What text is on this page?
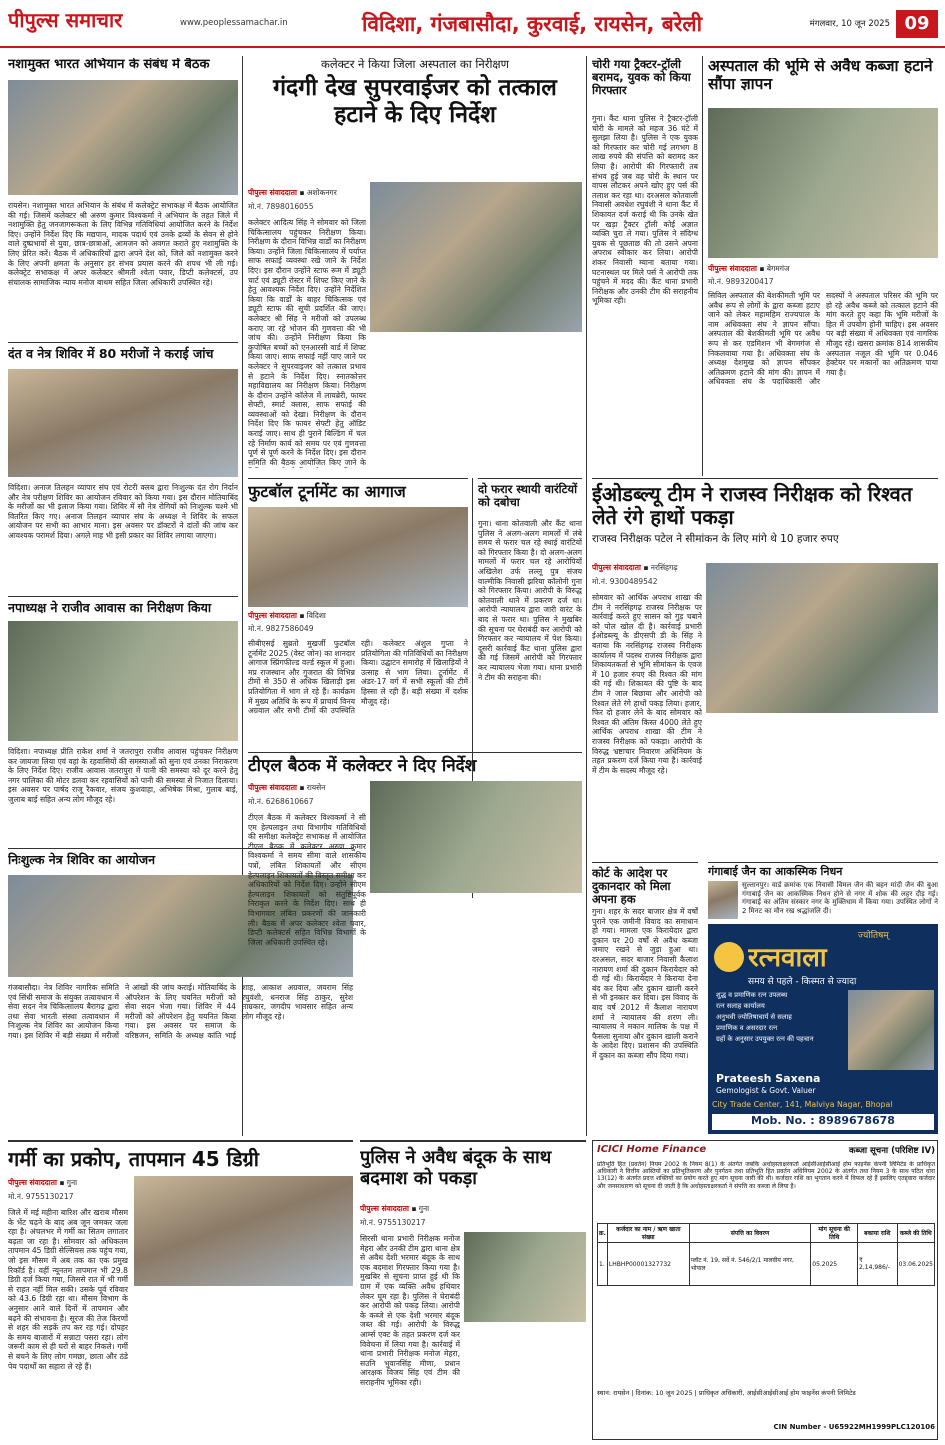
पीपुल्स समाचार	www.peoplessamachar.in	विदिशा, गंजबासौदा, कुरवाई, रायसेन, बरेली	मंगलवार, 10 जून 2025 09
नशामुक्त भारत अभियान के संबंध में बैठक
रायसेन। नशामुक्त भारत अभियान के संबंध में कलेक्ट्रेट सभाकक्ष में बैठक आयोजित की गई। जिसमें कलेक्टर श्री अरुण कुमार विश्वकर्मा ने अभियान के तहत जिले में नशामुक्ति हेतु जनजागरूकता के लिए विभिन्न गतिविधियां आयोजित करने के निर्देश दिए। उन्होंने निर्देश दिए कि मद्यपान, मादक पदार्थ एवं उनके द्रव्यों के सेवन से होने वाले दुष्प्रभावों से युवा, छात्र-छात्राओं, आमजन को अवगत कराते हुए नशामुक्ति के लिए प्रेरित करें। बैठक में अधिकारियों द्वारा अपने देश को, जिले को नशामुक्त करने के लिए अपनी क्षमता के अनुसार हर संभव प्रयास करने की शपथ भी ली गई। कलेक्ट्रेट सभाकक्ष में अपर कलेक्टर श्रीमती श्वेता पवार, डिप्टी कलेक्टर्स, उप संचालक सामाजिक न्याय मनोज बाथम सहित जिला अधिकारी उपस्थित रहे।
दंत व नेत्र शिविर में 80 मरीजों ने कराई जांच
विदिशा। अनाज तिलहन व्यापार संघ एवं रोटरी क्लब द्वारा निःशुल्क दंत रोग निर्दान और नेत्र परीक्षण शिविर का आयोजन रविवार को किया गया। इस दौरान मोतियाबिंद के मरीजों का भी इलाज किया गया। शिविर में सौ नेत्र रोगियों को निःशुल्क चश्मे भी वितरित किए गए। अनाज तिलहन व्यापार संघ के अध्यक्ष ने शिविर के सफल आयोजन पर सभी का आभार माना। इस अवसर पर डॉक्टरों ने दांतों की जांच कर आवश्यक परामर्श दिया। अगले माह भी इसी प्रकार का शिविर लगाया जाएगा।
नपाध्यक्ष ने राजीव आवास का निरीक्षण किया
विदिशा। नपाध्यक्ष प्रीति राकेश शर्मा ने जतरापुरा राजीव आवास पहुंचकर निरीक्षण कर जायजा लिया एवं वहां के रहवासियों की समस्याओं को सुना एवं उनका निराकरण के लिए निर्देश दिए। राजीव आवास जतरापुरा में पानी की समस्या को दूर करने हेतु नगर पालिका की मोटर डलवा कर रहवासियों को पानी की समस्या से निजात दिलाया। इस अवसर पर पार्षद राजू रैकवार, संजय कुशवाहा, अभिषेक मिश्रा, गुलाब बाई, जुलाब बाई सहित अन्य लोग मौजूद रहे।
निःशुल्क नेत्र शिविर का आयोजन
गंजबासौदा। नेत्र शिविर नागरिक समिति एवं सिंधी समाज के संयुक्त तत्वावधान में सेवा सदन नेत्र चिकित्सालय बैरागढ़ द्वारा तथा सेवा भारती संस्था तत्वावधान में निःशुल्क नेत्र शिविर का आयोजन किया गया। इस शिविर में बड़ी संख्या में मरीजों ने आंखों की जांच कराई। मोतियाबिंद के ऑपरेशन के लिए चयनित मरीजों को सेवा सदन भेजा गया। शिविर में 44 मरीजों को ऑपरेशन हेतु चयनित किया गया। इस अवसर पर समाज के वरिष्ठजन, समिति के अध्यक्ष कांति भाई शाह, आकाश अग्रवाल, जयराम सिंह रघुवंशी, धनराज सिंह ठाकुर, सुरेश ताम्रकार, जगदीप भावसार सहित अन्य लोग मौजूद रहे।
कलेक्टर ने किया जिला अस्पताल का निरीक्षण
गंदगी देख सुपरवाईजर को तत्काल हटाने के दिए निर्देश
पीपुल्स संवाददाता ▪ अशोकनगर
मो.नं. 7898016055
कलेक्टर आदित्य सिंह ने सोमवार को जिला चिकित्सालय पहुंचकर निरीक्षण किया। निरीक्षण के दौरान विभिन्न वार्डों का निरीक्षण किया। उन्होंने जिला चिकित्सालय में पर्याप्त साफ सफाई व्यवस्था रखे जाने के निर्देश दिए। इस दौरान उन्होंने स्टाफ रूम में ड्यूटी चार्ट एवं ड्यूटी रोस्टर में शिफ्ट किए जाने के हेतु आवश्यक निर्देश दिए। उन्होंने निर्देशित किया कि वार्डों के बाहर चिकित्सक एवं ड्यूटी स्टाफ की सूची प्रदर्शित की जाए। कलेक्टर श्री सिंह ने मरीजों को उपलब्ध कराए जा रहे भोजन की गुणवत्ता की भी जांच की। उन्होंने निरीक्षण किया कि कुपोषित बच्चों को एनआरसी वार्ड में शिफ्ट किया जाए। साफ सफाई नहीं पाए जाने पर कलेक्टर ने सुपरवाइजर को तत्काल प्रभाव से हटाने के निर्देश दिए। स्नातकोत्तर महाविद्यालय का निरीक्षण किया। निरीक्षण के दौरान उन्होंने कॉलेज में लायब्रेरी, फायर सेफ्टी, स्मार्ट क्लास, साफ सफाई की व्यवस्थाओं को देखा। निरीक्षण के दौरान निर्देश दिए कि फायर सेफ्टी हेतु ऑडिट कराई जाए। साथ ही पुराने बिल्डिंग में चल रहे निर्माण कार्य को समय पर एवं गुणवत्ता पूर्ण से पूर्ण करने के निर्देश दिए। इस दौरान समिति की बैठक आयोजित किए जाने के
चोरी गया ट्रैक्टर-ट्रॉली बरामद, युवक को किया गिरफ्तार
गुना। कैंट थाना पुलिस ने ट्रैक्टर-ट्रॉली चोरी के मामले को महज 36 घंटे में सुलझा लिया है। पुलिस ने एक युवक को गिरफ्तार कर चोरी गई लगभग 8 लाख रुपये की संपत्ति को बरामद कर लिया है। आरोपी की गिरफ्तारी तब संभव हुई जब वह चोरी के स्थान पर वापस लौटकर अपने खोए हुए पर्स की तलाश कर रहा था। दरअसल कोतवाली निवासी अवधेश रघुवंशी ने थाना कैंट में शिकायत दर्ज कराई थी कि उनके खेत पर खड़ा ट्रैक्टर ट्रॉली कोई अज्ञात व्यक्ति चुरा ले गया। पुलिस ने संदिग्ध युवक से पूछताछ की तो उसने अपना अपराध स्वीकार कर लिया। आरोपी शंकर निवासी म्याना बताया गया। घटनास्थल पर मिले पर्स ने आरोपी तक पहुंचने में मदद की। कैंट थाना प्रभारी निरीक्षक और उनकी टीम की सराहनीय भूमिका रही।
अस्पताल की भूमि से अवैध कब्जा हटाने सौंपा ज्ञापन
पीपुल्स संवाददाता ▪ बेगमगंज
मो.नं. 9893200417
सिविल अस्पताल की बेशकीमती भूमि पर अवैध रूप से लोगों के द्वारा कब्जा हटाए जाने को लेकर महामहिम राज्यपाल के नाम अधिवक्ता संघ ने ज्ञापन सौंपा। अस्पताल की बेशकीमती भूमि पर अवैध रूप से कर एडमिशन भी बेगमगंज से निकलवाया गया है। अधिवक्ता संघ के अध्यक्ष देशमुख को ज्ञापन सौंपकर अतिक्रमण हटाने की मांग की। ज्ञापन में अधिवक्ता संघ के पदाधिकारी और सदस्यों ने अस्पताल परिसर की भूमि पर हो रहे अवैध कब्जे को तत्काल हटाने की मांग करते हुए कहा कि भूमि मरीजों के हित में उपयोग होनी चाहिए। इस अवसर पर बड़ी संख्या में अधिवक्ता एवं नागरिक मौजूद रहे। खसरा क्रमांक 814 शासकीय अस्पताल नजूल की भूमि पर 0.046 हेक्टेयर पर मकानों का अतिक्रमण पाया गया है।
फुटबॉल टूर्नामेंट का आगाज
पीपुल्स संवाददाता ▪ विदिशा
मो.नं. 9827586049
सीबीएसई सुब्रतो मुखर्जी फुटबॉल टूर्नामेंट 2025 (वेस्ट जोन) का शानदार आगाज स्प्रिंगफील्ड वर्ल्ड स्कूल में हुआ। मप्र राजस्थान और गुजरात की विभिन्न टीमों से 350 से अधिक खिलाड़ी इस प्रतियोगिता में भाग ले रहे हैं। कार्यक्रम में मुख्य अतिथि के रूप में प्राचार्य विनय अग्रवाल और सभी टीमों की उपस्थिति रही। कलेक्टर अंशुल गुप्ता ने प्रतियोगिता की गतिविधियों का निरीक्षण किया। उद्घाटन समारोह में खिलाड़ियों ने उत्साह से भाग लिया। टूर्नामेंट में अंडर-17 वर्ग में सभी स्कूलों की टीमें हिस्सा ले रही हैं। बड़ी संख्या में दर्शक मौजूद रहे।
दो फरार स्थायी वारंटियों को दबोचा
गुना। थाना कोतवाली और कैंट थाना पुलिस ने अलग-अलग मामलों में लंबे समय से फरार चल रहे स्थाई वारंटियों को गिरफ्तार किया है। दो अलग-अलग मामलों में फरार चल रहे आरोपियों अखिलेश उर्फ लल्लू पुत्र संजय वाल्मीकि निवासी झरिया कॉलोनी गुना को गिरफ्तार किया। आरोपी के विरुद्ध कोतवाली थाने में प्रकरण दर्ज था। आरोपी न्यायालय द्वारा जारी वारंट के बाद से फरार था। पुलिस ने मुखबिर की सूचना पर घेराबंदी कर आरोपी को गिरफ्तार कर न्यायालय में पेश किया। दूसरी कार्रवाई कैंट थाना पुलिस द्वारा की गई जिसमें आरोपी को गिरफ्तार कर न्यायालय भेजा गया। थाना प्रभारी ने टीम की सराहना की।
ईओडब्ल्यू टीम ने राजस्व निरीक्षक को रिश्वत लेते रंगे हाथों पकड़ा
राजस्व निरीक्षक पटेल ने सीमांकन के लिए मांगे थे 10 हजार रुपए
पीपुल्स संवाददाता ▪ नरसिंहगढ़
मो.नं. 9300489542
सोमवार को आर्थिक अपराध शाखा की टीम ने नरसिंहगढ़ राजस्व निरीक्षक पर कार्रवाई करते हुए सासन को गुड़ चबाने को पोल खोल दी है। कार्रवाई प्रभारी ईओडब्ल्यू के डीएसपी डी के सिंह ने बताया कि नरसिंहगढ़ राजस्व निरीक्षक कार्यालय में पदस्थ राजस्व निरीक्षक द्वारा शिकायतकर्ता से भूमि सीमांकन के एवज में 10 हजार रुपए की रिश्वत की मांग की गई थी। शिकायत की पुष्टि के बाद टीम ने जाल बिछाया और आरोपी को रिश्वत लेते रंगे हाथों पकड़ लिया। हजार, फिर दो हजार लेने के बाद सोमवार को रिश्वत की अंतिम किस्त 4000 लेते हुए आर्थिक अपराध शाखा की टीम ने राजस्व निरीक्षक को पकड़ा। आरोपी के विरुद्ध भ्रष्टाचार निवारण अधिनियम के तहत प्रकरण दर्ज किया गया है। कार्रवाई में टीम के सदस्य मौजूद रहे।
टीएल बैठक में कलेक्टर ने दिए निर्देश
पीपुल्स संवाददाता ▪ रायसेन
मो.नं. 6268610667
टीएल बैठक में कलेक्टर विश्वकर्मा ने सी एम हेल्पलाइन तथा विभागीय गतिविधियों की समीक्षा कलेक्ट्रेट सभाकक्ष में आयोजित टीएल बैठक में कलेक्टर अरुण कुमार विश्वकर्मा ने समय सीमा वाले शासकीय पत्रों, लंबित शिकायतों और सीएम हेल्पलाइन शिकायतों की विस्तृत समीक्षा कर अधिकारियों को निर्देश दिए। उन्होंने सीएम हेल्पलाइन शिकायतों को संतुष्टिपूर्वक निराकृत करने के निर्देश दिए। साथ ही विभागवार लंबित प्रकरणों की जानकारी ली। बैठक में अपर कलेक्टर श्वेता पवार, डिप्टी कलेक्टर्स सहित विभिन्न विभागों के जिला अधिकारी उपस्थित रहे।
कोर्ट के आदेश पर दुकानदार को मिला अपना हक
गुना। शहर के सदर बाजार क्षेत्र में वर्षों पुराने एक जमीनी विवाद का समाधान हो गया। मामला एक किरायेदार द्वारा दुकान पर 20 वर्षों से अवैध कब्जा जमाए रखने से जुड़ा हुआ था। दरअसल, सदर बाजार निवासी कैलाश नारायण शर्मा की दुकान किरायेदार को दी गई थी। किरायेदार ने किराया देना बंद कर दिया और दुकान खाली करने से भी इनकार कर दिया। इस विवाद के बाद वर्ष 2012 में कैलाश नारायण शर्मा ने न्यायालय की शरण ली। न्यायालय ने मकान मालिक के पक्ष में फैसला सुनाया और दुकान खाली कराने के आदेश दिए। प्रशासन की उपस्थिति में दुकान का कब्जा सौंप दिया गया।
गंगाबाई जैन का आकस्मिक निधन
सुल्तानपुर। वार्ड क्रमांक एक निवासी विमल जैन की बहन मांदी जैन की बुआ गंगाबाई जैन का आकस्मिक निधन होने से नगर में शोक की लहर दौड़ गई। गंगाबाई का अंतिम संस्कार नगर के मुक्तिधाम में किया गया। उपस्थित लोगों ने 2 मिनट का मौन रख श्रद्धांजलि दी।
ज्योतिषम्
रत्नवाला
समय से पहले - किस्मत से ज्यादा
शुद्ध व प्रमाणिक रत्न उपलब्ध
रत्न सलाह कार्यालय
अनुभवी ज्योतिषाचार्य से सलाह
प्रमाणिक व असरदार रत्न
ग्रहों के अनुसार उपयुक्त रत्न की पहचान
Prateesh Saxena
Gemologist & Govt. Valuer
City Trade Center, 141, Malviya Nagar, Bhopal
Mob. No. : 8989678678
गर्मी का प्रकोप, तापमान 45 डिग्री
पीपुल्स संवाददाता ▪ गुना
मो.नं. 9755130217
जिले में मई महीना बारिश और खराब मौसम के भेंट चढ़ने के बाद अब जून जमकर जला रहा है। अंचलभर में गर्मी का सितम लगातार बढ़ता जा रहा है। सोमवार को अधिकतम तापमान 45 डिग्री सेल्सियस तक पहुंच गया, जो इस मौसम में अब तक का एक प्रमुख रिकॉर्ड है। वहीं न्यूनतम तापमान भी 29.8 डिग्री दर्ज किया गया, जिससे रात में भी गर्मी से राहत नहीं मिल सकी। उसके पूर्व रविवार को 43.6 डिग्री रहा था। मौसम विभाग के अनुसार आने वाले दिनों में तापमान और बढ़ने की संभावना है। सूरज की तेज किरणों से शहर की सड़कें तप कर रह गई। दोपहर के समय बाजारों में सन्नाटा पसरा रहा। लोग जरूरी काम से ही घरों से बाहर निकले। गर्मी से बचने के लिए लोग गमछा, छाता और ठंडे पेय पदार्थों का सहारा ले रहे हैं।
पुलिस ने अवैध बंदूक के साथ बदमाश को पकड़ा
पीपुल्स संवाददाता ▪ गुना
मो.नं. 9755130217
सिरसी थाना प्रभारी निरीक्षक मनोज मेहरा और उनकी टीम द्वारा थाना क्षेत्र से अवैध देशी भरमार बंदूक के साथ एक बदमाश गिरफ्तार किया गया है। मुखबिर से सूचना प्राप्त हुई थी कि ग्राम में एक व्यक्ति अवैध हथियार लेकर घूम रहा है। पुलिस ने घेराबंदी कर आरोपी को पकड़ लिया। आरोपी के कब्जे से एक देशी भरमार बंदूक जब्त की गई। आरोपी के विरुद्ध आर्म्स एक्ट के तहत प्रकरण दर्ज कर विवेचना में लिया गया है। कार्रवाई में थाना प्रभारी निरीक्षक मनोज मेहरा, सउनि भुवानसिंह मीणा, प्रधान आरक्षक विजय सिंह एवं टीम की सराहनीय भूमिका रही।
ICICI Home Finance	कब्जा सूचना (परिशिष्ट IV)
प्रतिभूति हित (प्रवर्तन) नियम 2002 के नियम 8(1) के अंतर्गत जबकि अधोहस्ताक्षरकर्ता आईसीआईसीआई होम फाइनेंस कंपनी लिमिटेड के प्राधिकृत अधिकारी ने वित्तीय आस्तियों का प्रतिभूतिकरण और पुनर्गठन तथा प्रतिभूति हित प्रवर्तन अधिनियम 2002 के अंतर्गत तथा नियम 3 के साथ पठित धारा 13(12) के अंतर्गत प्रदत्त शक्तियों का प्रयोग करते हुए मांग सूचना जारी की थी। कर्जदार राशि का भुगतान करने में विफल रहे हैं इसलिए एतद्द्वारा कर्जदार और जनसाधारण को सूचना दी जाती है कि अधोहस्ताक्षरकर्ता ने संपत्ति का कब्जा ले लिया है।
क्र.	कर्जदार का नाम / ऋण खाता संख्या	संपत्ति का विवरण	मांग सूचना की तिथि	बकाया राशि	कब्जे की तिथि
1.	LHBHP00001327732	प्लॉट नं. 19, सर्वे नं. 546/2/1 मालवीय नगर, भोपाल	05.2025	₹ 2,14,986/-	03.06.2025
स्थान: रायसेन | दिनांक: 10 जून 2025 | प्राधिकृत अधिकारी, आईसीआईसीआई होम फाइनेंस कंपनी लिमिटेड
CIN Number - U65922MH1999PLC120106
